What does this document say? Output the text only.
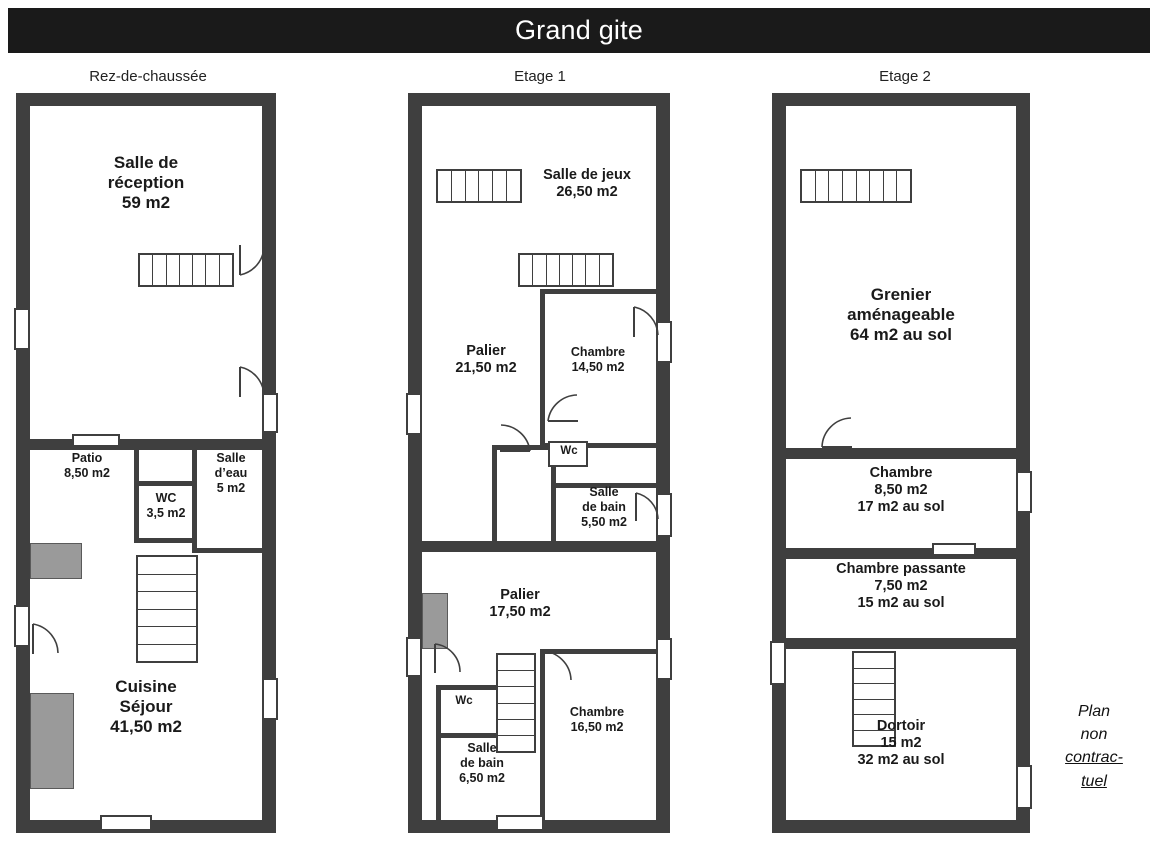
Grand gite
Rez-de-chaussée	Etage 1	Etage 2
Salle de
réception
59 m2
Patio
8,50 m2
WC
3,5 m2
Salle
d’eau
5 m2
Cuisine
Séjour
41,50 m2
Salle de jeux
26,50 m2
Palier
21,50 m2
Chambre
14,50 m2
Wc
Salle
de bain
5,50 m2
Palier
17,50 m2
Wc
Salle
de bain
6,50 m2
Chambre
16,50 m2
Grenier
aménageable
64 m2 au sol
Chambre
8,50 m2
17 m2 au sol
Chambre passante
7,50 m2
15 m2 au sol
Dortoir
15 m2
32 m2 au sol
Plan
non
contrac-
tuel
